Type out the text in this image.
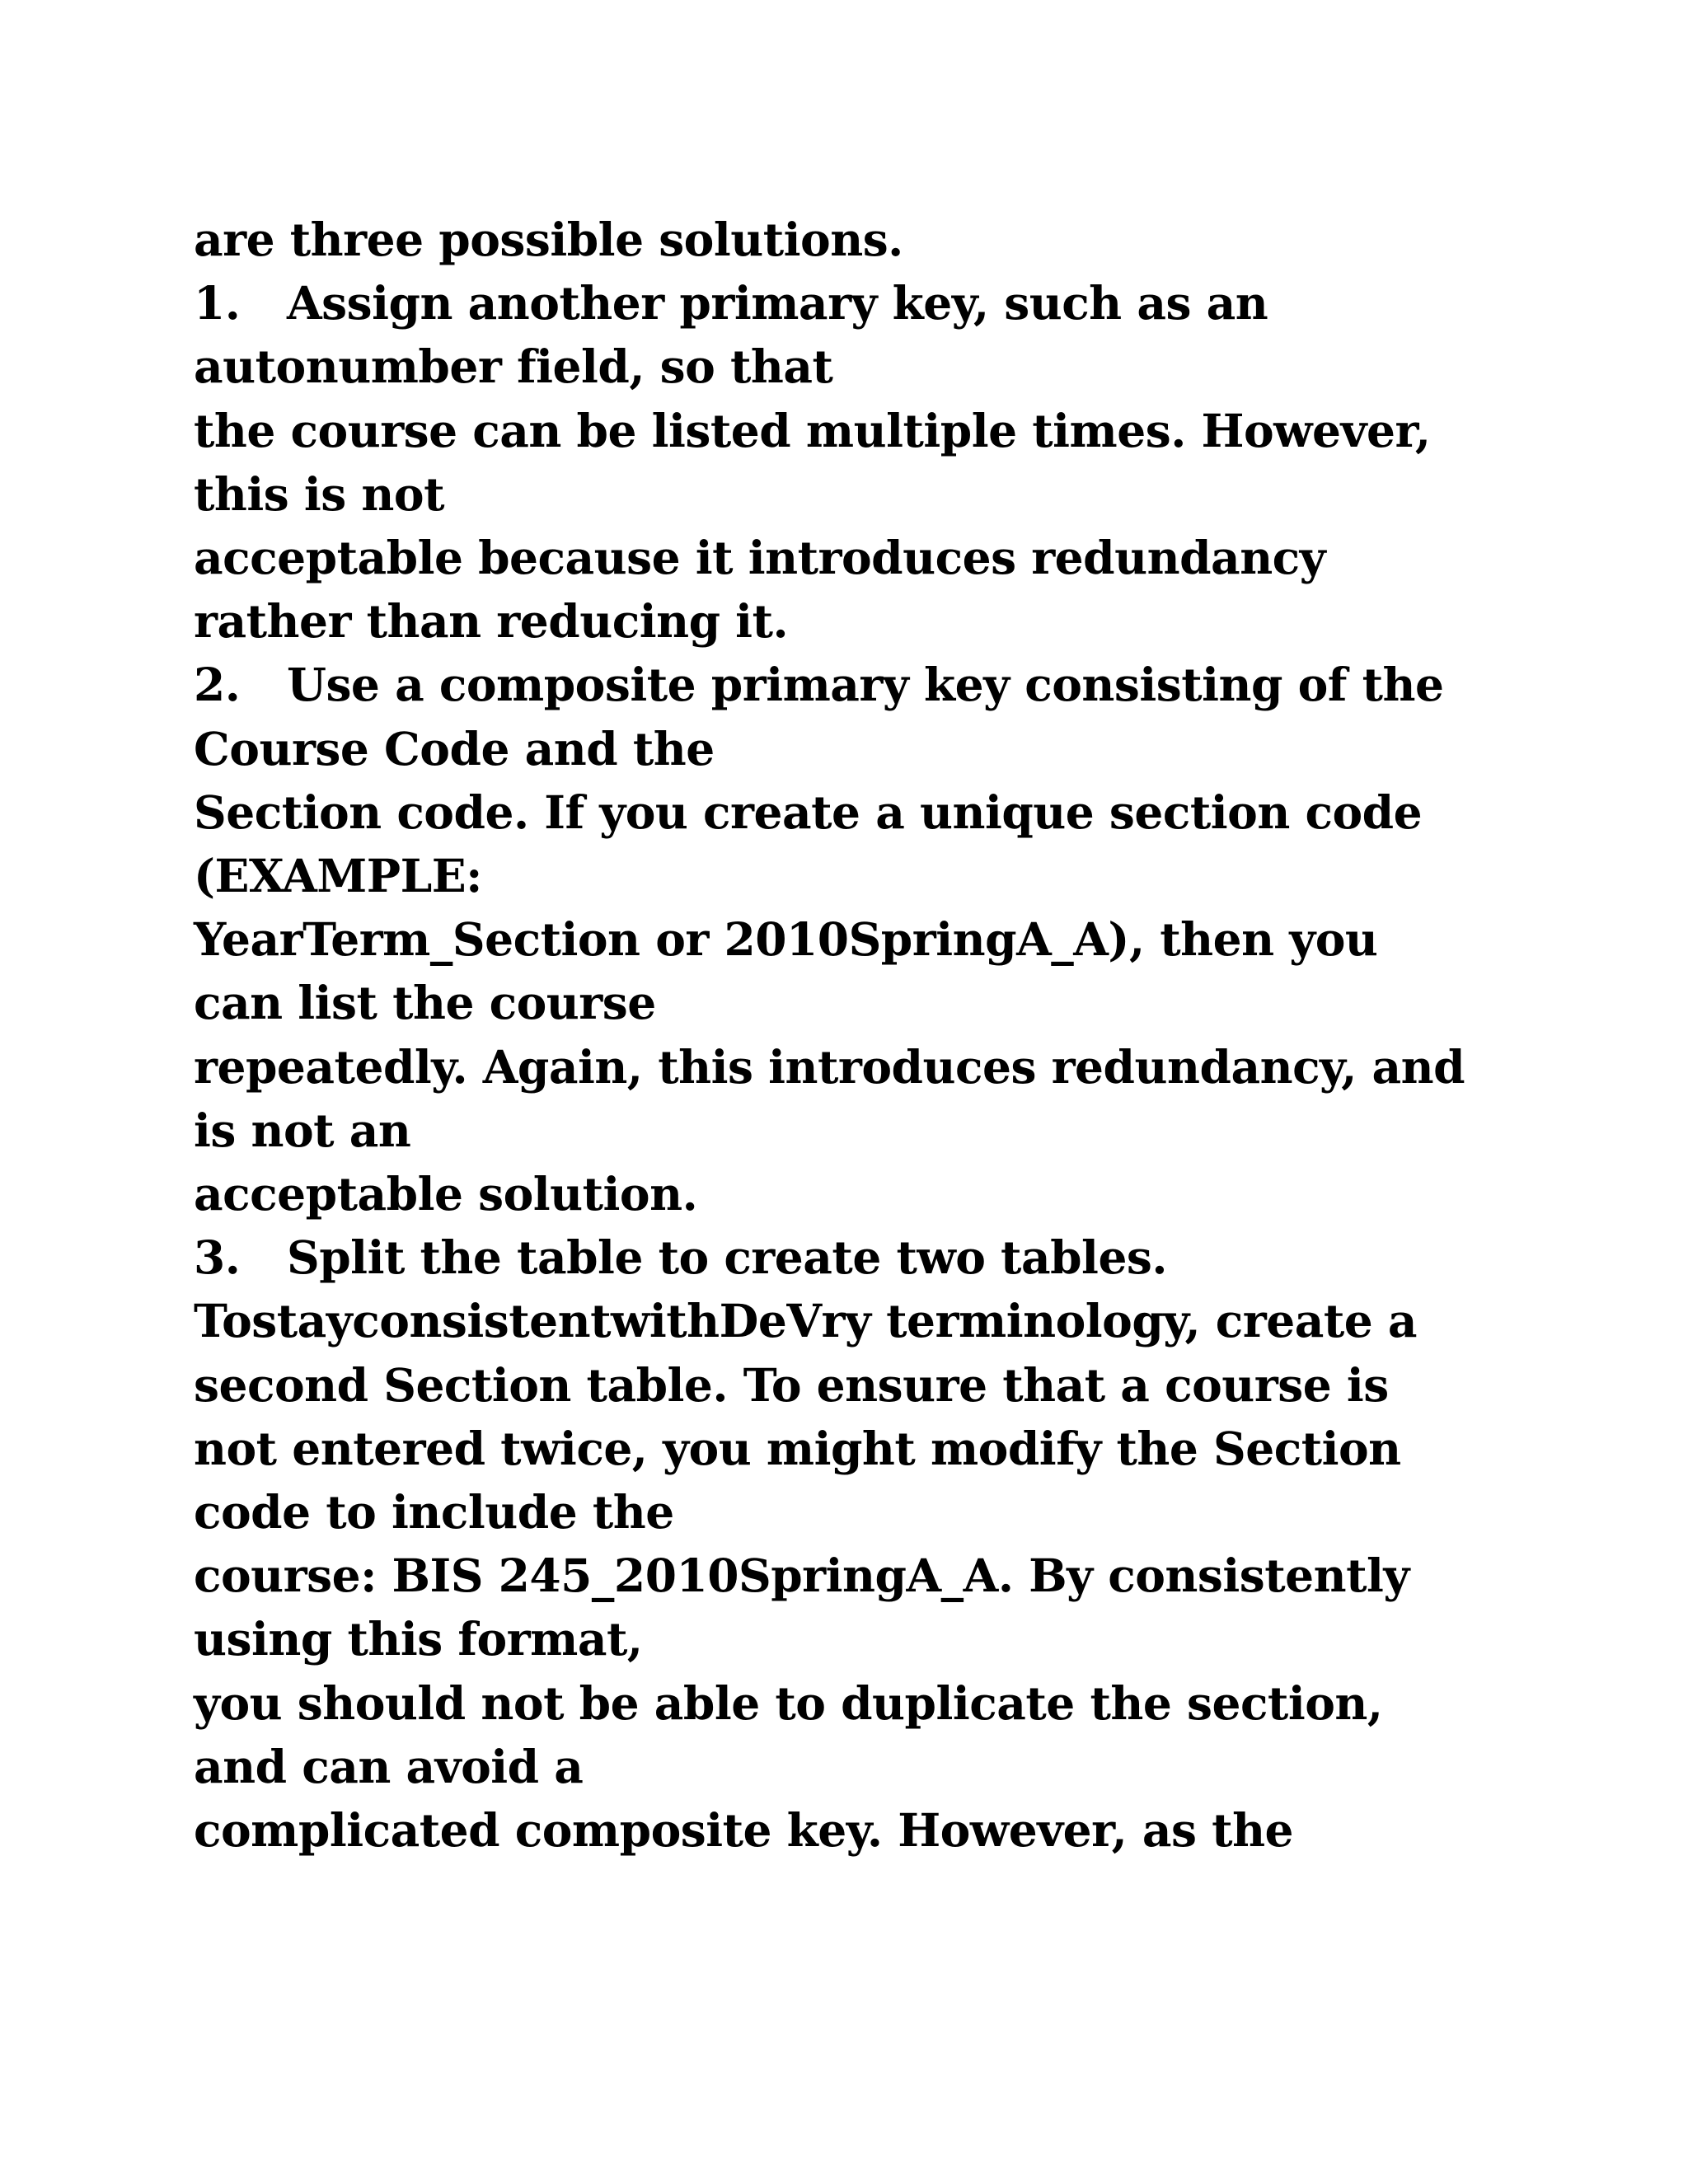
are three possible solutions.
1. Assign another primary key, such as an
autonumber field, so that
the course can be listed multiple times. However,
this is not
acceptable because it introduces redundancy
rather than reducing it.
2. Use a composite primary key consisting of the
Course Code and the
Section code. If you create a unique section code
(EXAMPLE:
YearTerm_Section or 2010SpringA_A), then you
can list the course
repeatedly. Again, this introduces redundancy, and
is not an
acceptable solution.
3. Split the table to create two tables.
TostayconsistentwithDeVry terminology, create a
second Section table. To ensure that a course is
not entered twice, you might modify the Section
code to include the
course: BIS 245_2010SpringA_A. By consistently
using this format,
you should not be able to duplicate the section,
and can avoid a
complicated composite key. However, as the
